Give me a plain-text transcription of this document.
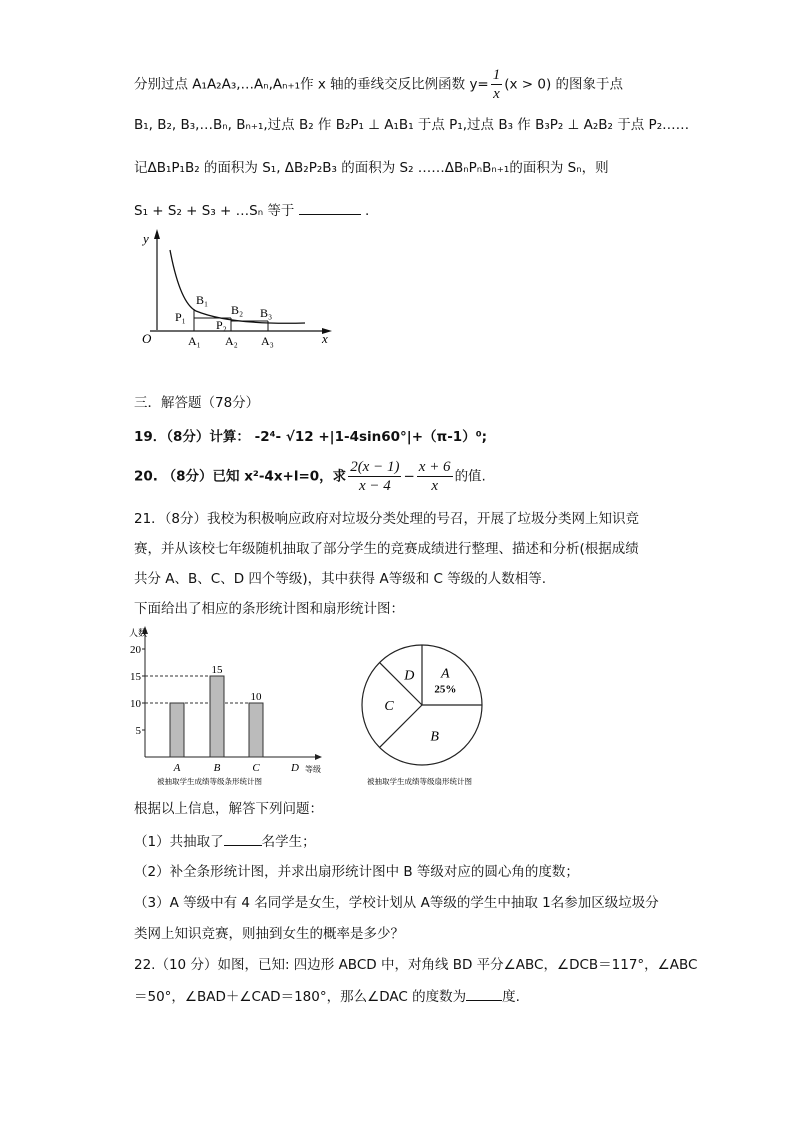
分别过点 A₁A₂A₃,…Aₙ,Aₙ₊₁作 x 轴的垂线交反比例函数 $y= \frac{1}{x} (x > 0)$ 的图象于点
B₁, B₂, B₃,…Bₙ, Bₙ₊₁,过点 B₂ 作 B₂P₁ ⊥ A₁B₁ 于点 P₁,过点 B₃ 作 B₃P₂ ⊥ A₂B₂ 于点 P₂……
记ΔB₁P₁B₂ 的面积为 S₁, ΔB₂P₂B₃ 的面积为 S₂ ……ΔBₙPₙBₙ₊₁的面积为 Sₙ，则
S₁ + S₂ + S₃ + …Sₙ 等于	.
y
x
O
B₁
B₂ B₃
P₁
P₂
A₁ A₂ A₃
三．解答题（78分）
19．（8分）计算： -2⁴- √12 +|1-4sin60°|+（π-1）⁰;
20. （8分）已知 x²-4x+l=0，求 $\frac{2(x - 1)}{x - 4} - \frac{x + 6}{x}$ 的值.
21．（8分）我校为积极响应政府对垃圾分类处理的号召，开展了垃圾分类网上知识竞
赛，并从该校七年级随机抽取了部分学生的竞赛成绩进行整理、描述和分析(根据成绩
共分 A、B、C、D 四个等级)，其中获得 A等级和 C 等级的人数相等.
下面给出了相应的条形统计图和扇形统计图：
人数
等级
5
10
15
20
A
15
B
10
C	D
被抽取学生成绩等级条形统计图
A
25%
B
C
D
被抽取学生成绩等级扇形统计图
根据以上信息，解答下列问题：
（1）共抽取了	名学生；
（2）补全条形统计图，并求出扇形统计图中 B 等级对应的圆心角的度数；
（3）A 等级中有 4 名同学是女生，学校计划从 A等级的学生中抽取 1名参加区级垃圾分
类网上知识竞赛，则抽到女生的概率是多少？
22.（10 分）如图，已知: 四边形 ABCD 中，对角线 BD 平分∠ABC，∠DCB＝117°，∠ABC
＝50°，∠BAD＋∠CAD＝180°，那么∠DAC 的度数为	度.
